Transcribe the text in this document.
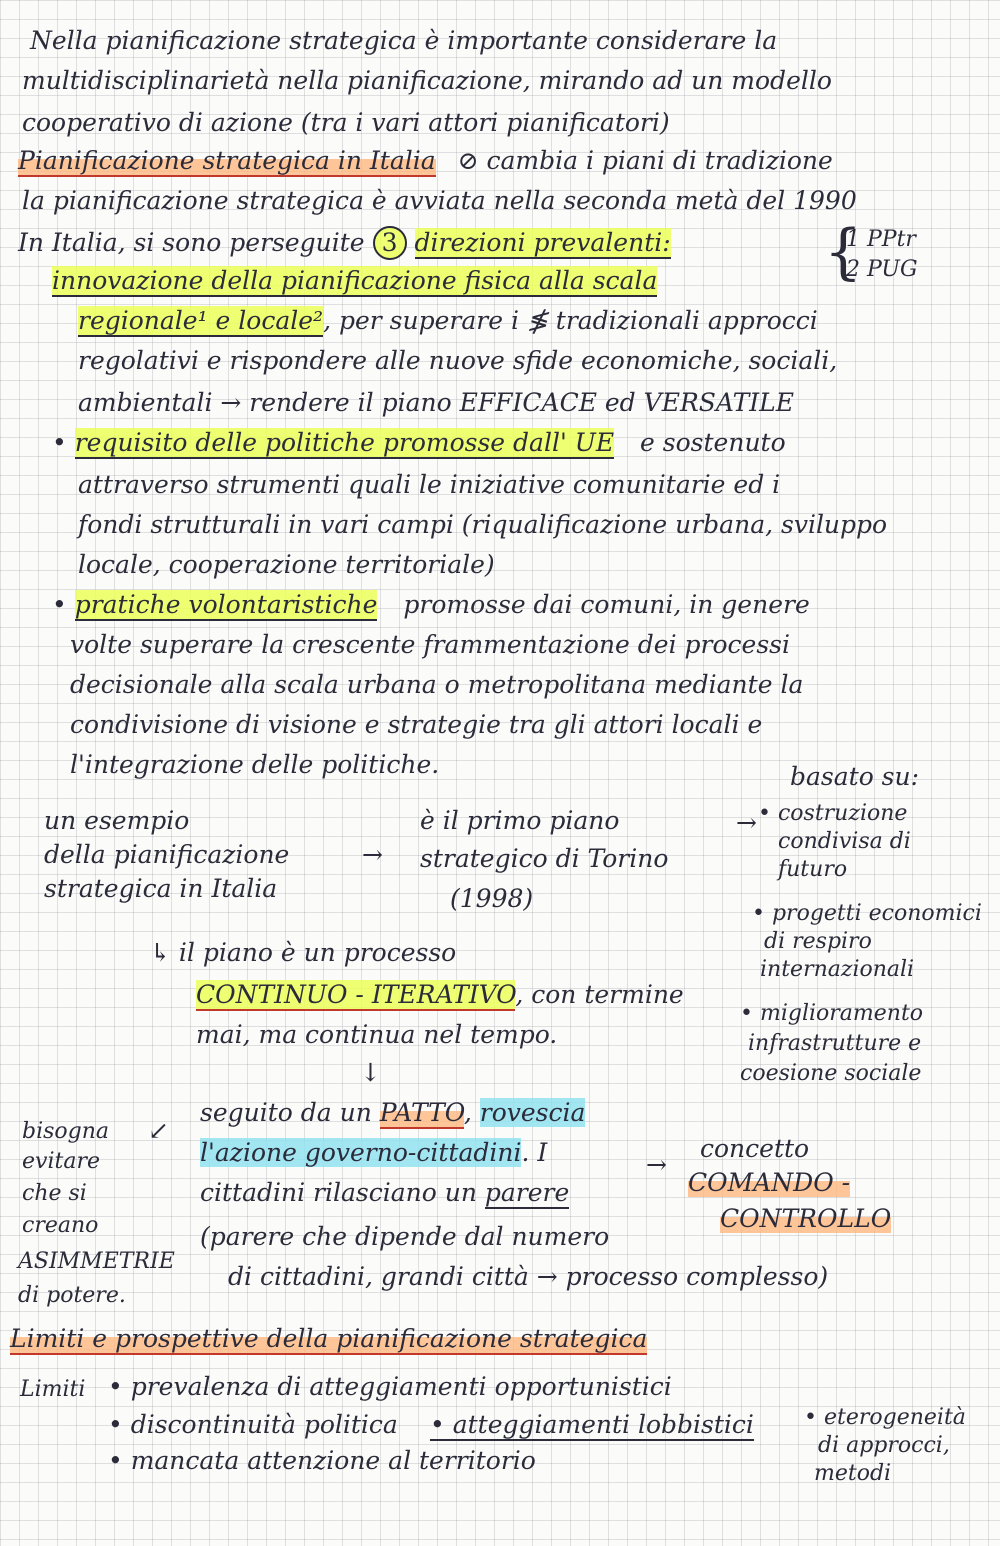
Nella pianificazione strategica è importante considerare la
multidisciplinarietà nella pianificazione, mirando ad un modello
cooperativo di azione (tra i vari attori pianificatori)
Pianificazione strategica in Italia ⊘ cambia i piani di tradizione
la pianificazione strategica è avviata nella seconda metà del 1990
In Italia, si sono perseguite 3 direzioni prevalenti:	{
1 PPtr
2 PUG
innovazione della pianificazione fisica alla scala
regionale¹ e locale², per superare i ≸ tradizionali approcci
regolativi e rispondere alle nuove sfide economiche, sociali,
ambientali → rendere il piano EFFICACE ed VERSATILE
• requisito delle politiche promosse dall' UE e sostenuto
attraverso strumenti quali le iniziative comunitarie ed i
fondi strutturali in vari campi (riqualificazione urbana, sviluppo
locale, cooperazione territoriale)
• pratiche volontaristiche promosse dai comuni, in genere
volte superare la crescente frammentazione dei processi
decisionale alla scala urbana o metropolitana mediante la
condivisione di visione e strategie tra gli attori locali e
l'integrazione delle politiche.	basato su:
un esempio
della pianificazione
strategica in Italia
→
è il primo piano
strategico di Torino
(1998)
→ • costruzione
condivisa di
futuro
• progetti economici
di respiro
internazionali
• miglioramento
infrastrutture e
coesione sociale
↳ il piano è un processo
CONTINUO - ITERATIVO, con termine
mai, ma continua nel tempo.
↓
seguito da un PATTO, rovescia
l'azione governo-cittadini. I
cittadini rilasciano un parere
(parere che dipende dal numero
di cittadini, grandi città → processo complesso)
→
concetto
COMANDO -
CONTROLLO
↙
bisogna
evitare
che si
creano
ASIMMETRIE
di potere.
Limiti e prospettive della pianificazione strategica
Limiti • prevalenza di atteggiamenti opportunistici
• discontinuità politica • atteggiamenti lobbistici • eterogeneità
di approcci,
metodi
• mancata attenzione al territorio
